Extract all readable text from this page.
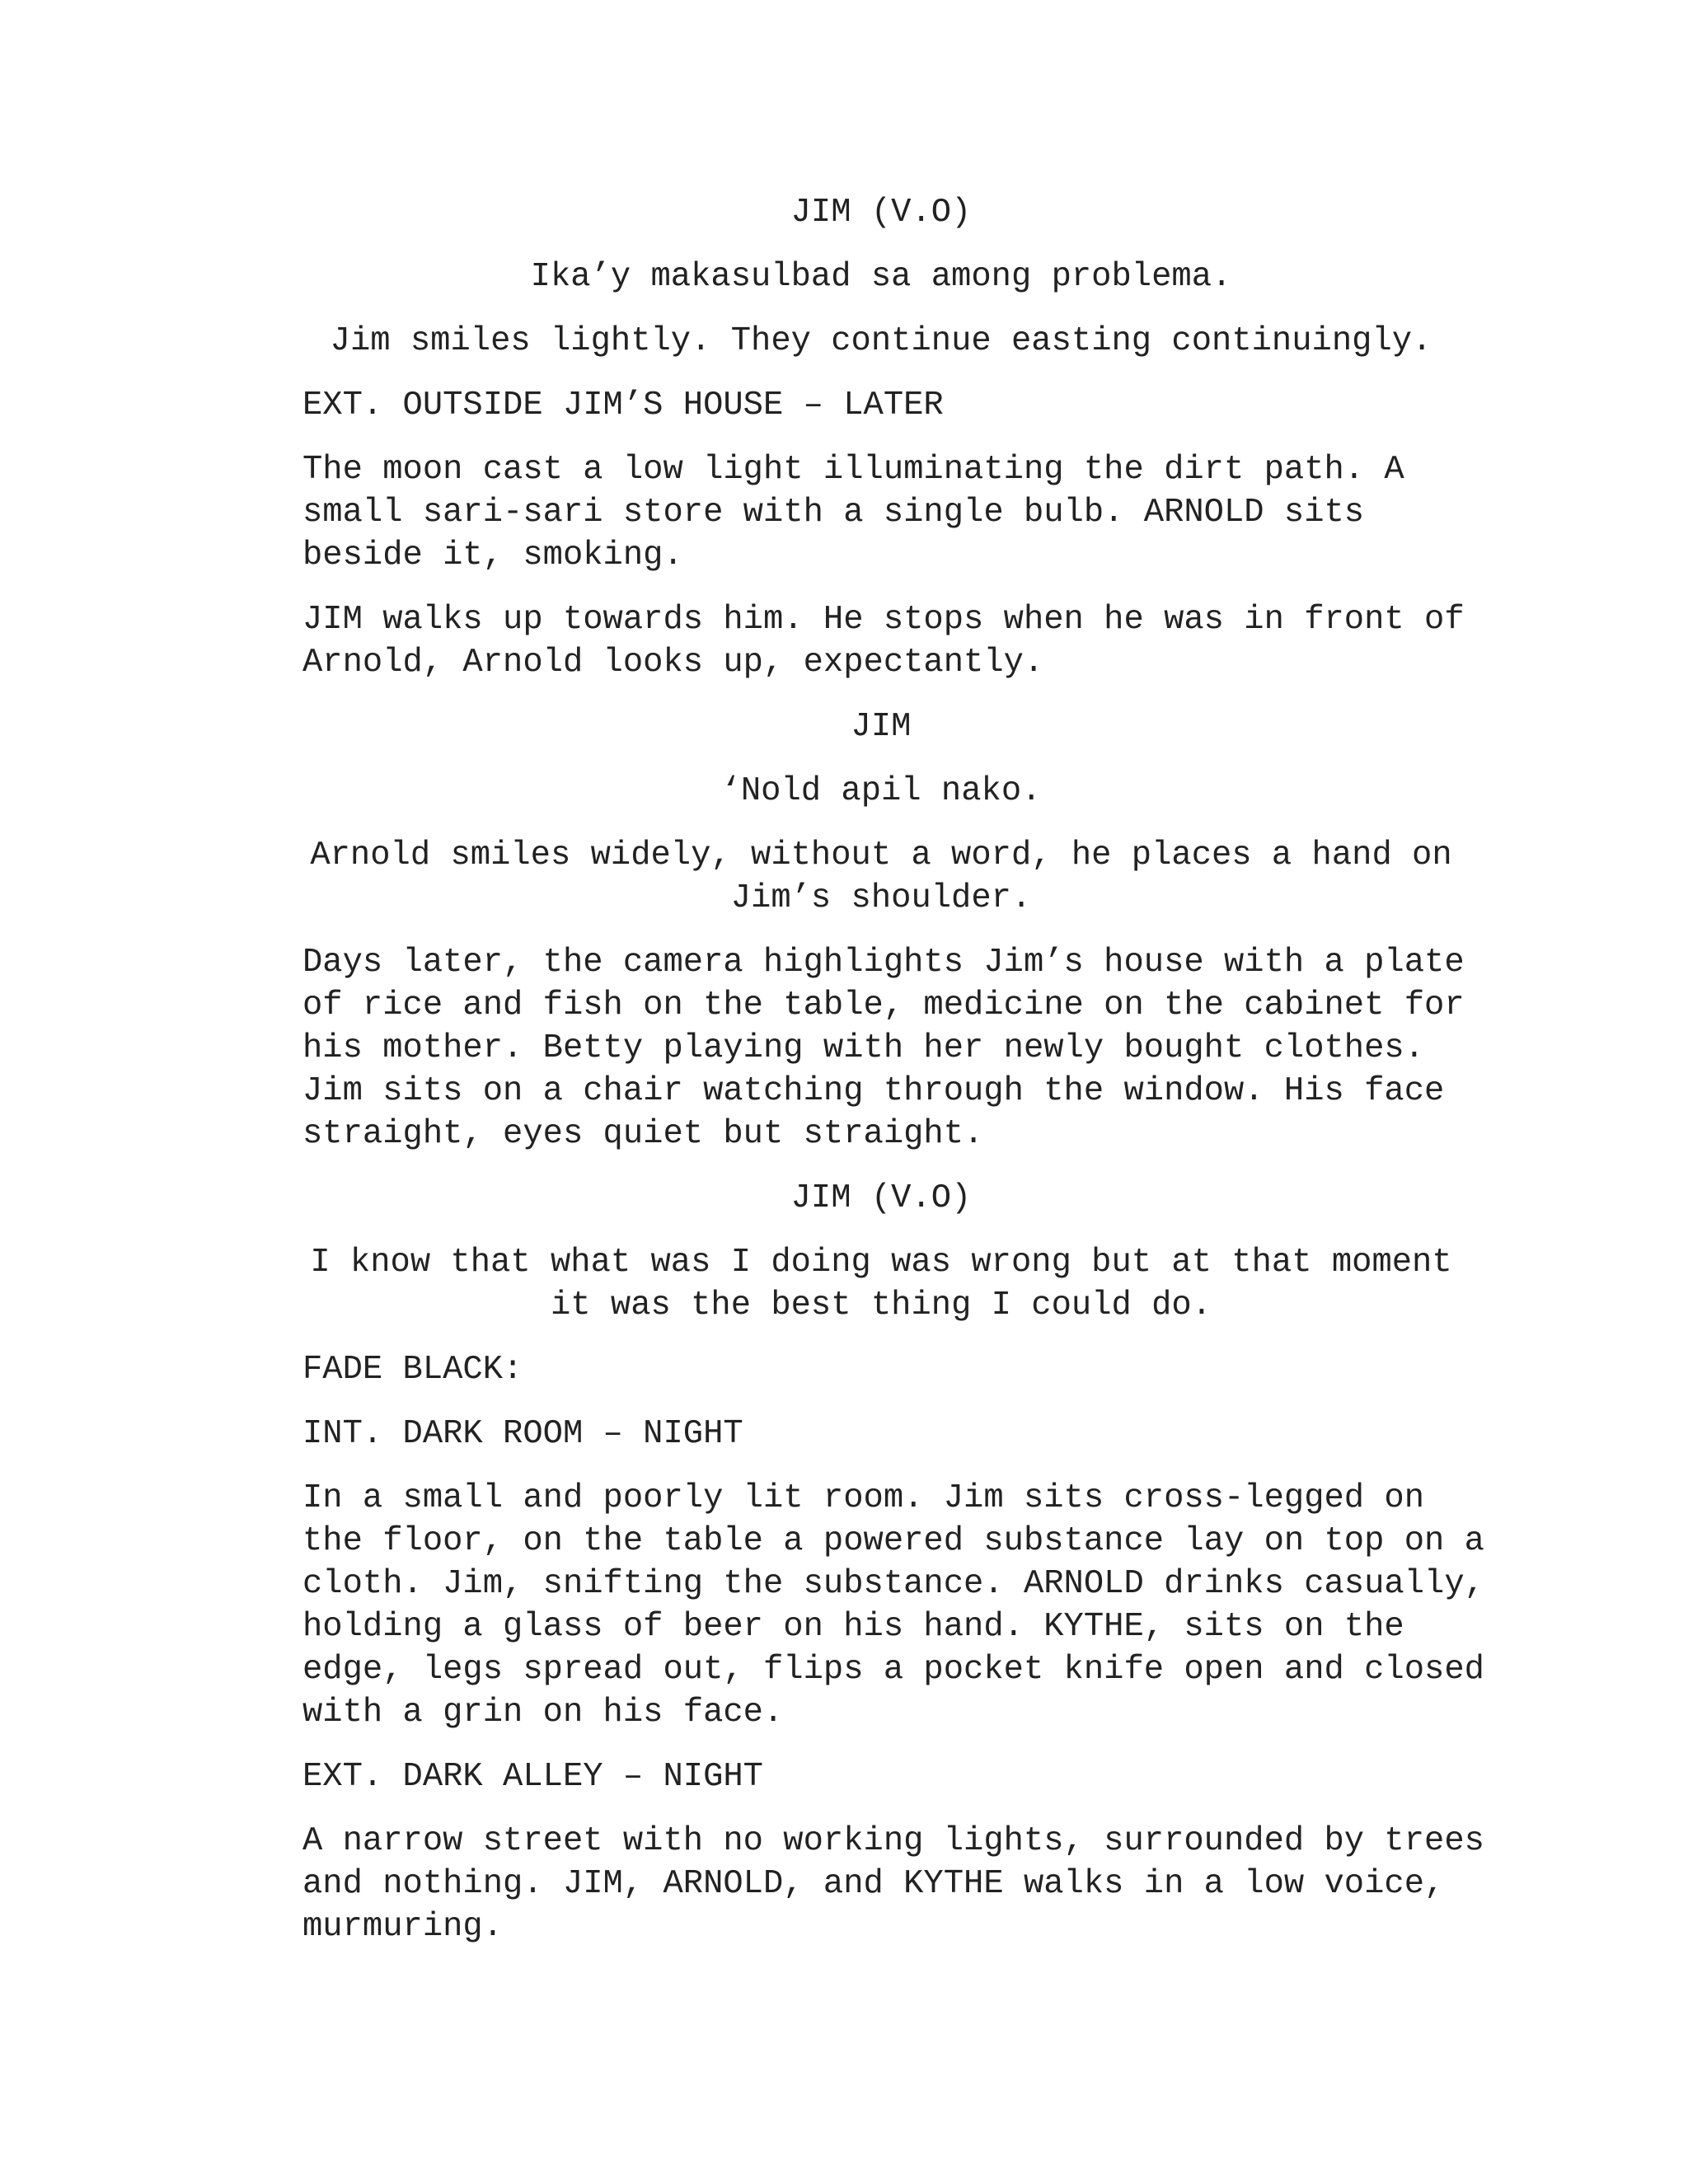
JIM (V.O)

Ika’y makasulbad sa among problema.

Jim smiles lightly. They continue easting continuingly.

EXT. OUTSIDE JIM’S HOUSE – LATER

The moon cast a low light illuminating the dirt path. A
small sari-sari store with a single bulb. ARNOLD sits
beside it, smoking.

JIM walks up towards him. He stops when he was in front of
Arnold, Arnold looks up, expectantly.

JIM

‘Nold apil nako.

Arnold smiles widely, without a word, he places a hand on
Jim’s shoulder.

Days later, the camera highlights Jim’s house with a plate
of rice and fish on the table, medicine on the cabinet for
his mother. Betty playing with her newly bought clothes.
Jim sits on a chair watching through the window. His face
straight, eyes quiet but straight.

JIM (V.O)

I know that what was I doing was wrong but at that moment
it was the best thing I could do.

FADE BLACK:

INT. DARK ROOM – NIGHT

In a small and poorly lit room. Jim sits cross-legged on
the floor, on the table a powered substance lay on top on a
cloth. Jim, snifting the substance. ARNOLD drinks casually,
holding a glass of beer on his hand. KYTHE, sits on the
edge, legs spread out, flips a pocket knife open and closed
with a grin on his face.

EXT. DARK ALLEY – NIGHT

A narrow street with no working lights, surrounded by trees
and nothing. JIM, ARNOLD, and KYTHE walks in a low voice,
murmuring.
